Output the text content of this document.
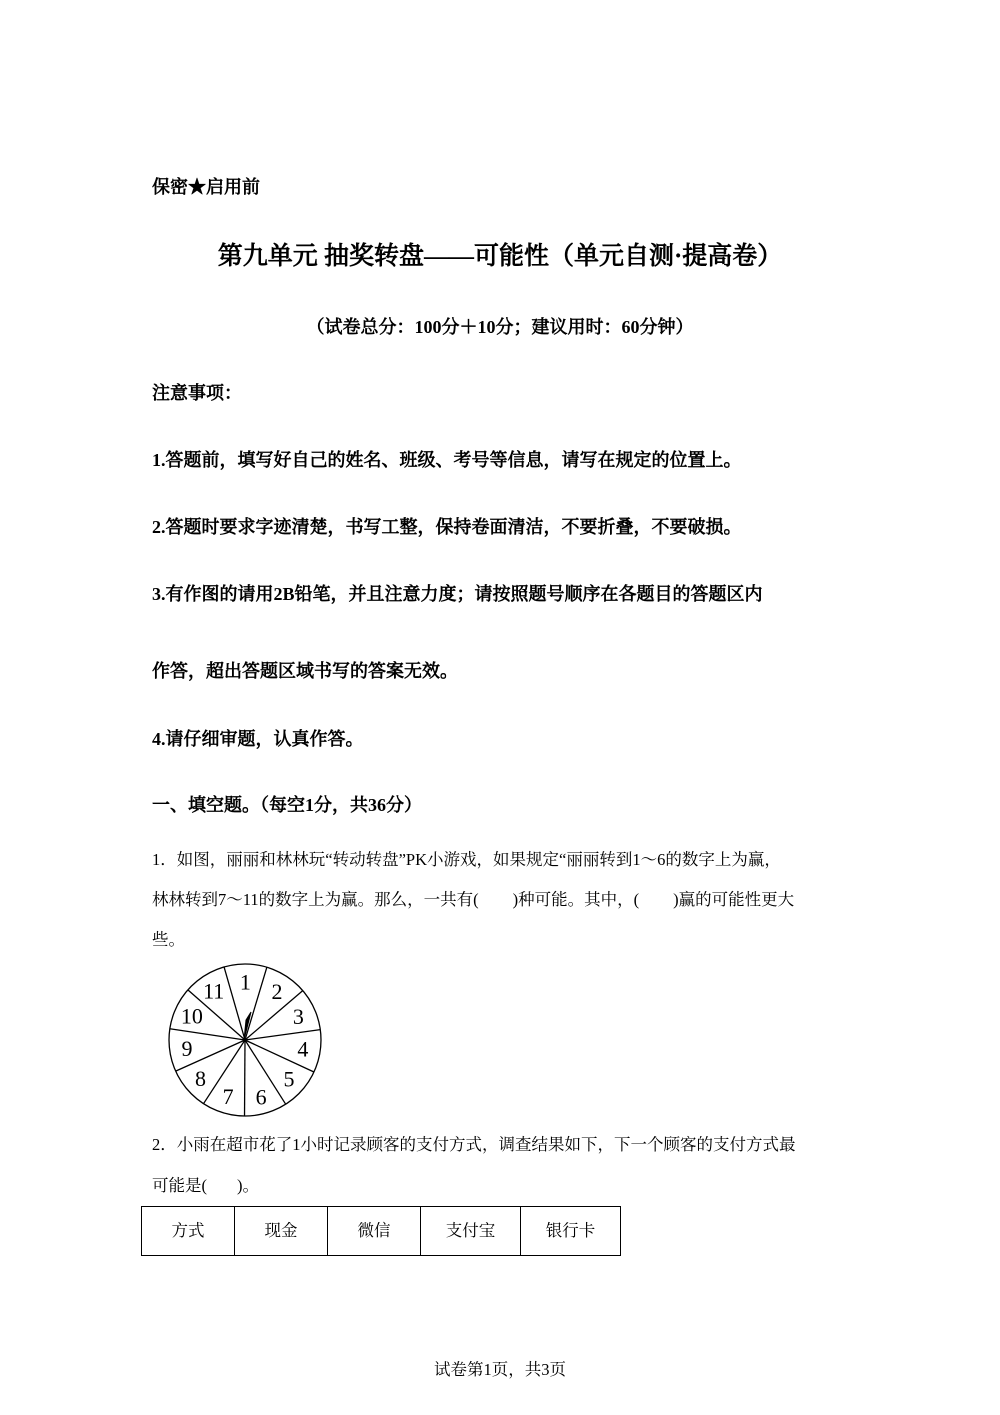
保密★启用前
第九单元 抽奖转盘——可能性（单元自测·提高卷）
（试卷总分：100分＋10分；建议用时：60分钟）
注意事项：
1.答题前，填写好自己的姓名、班级、考号等信息，请写在规定的位置上。
2.答题时要求字迹清楚，书写工整，保持卷面清洁，不要折叠，不要破损。
3.有作图的请用2B铅笔，并且注意力度；请按照题号顺序在各题目的答题区内
作答，超出答题区域书写的答案无效。
4.请仔细审题，认真作答。
一、填空题。（每空1分，共36分）
1．如图，丽丽和林林玩“转动转盘”PK小游戏，如果规定“丽丽转到1～6的数字上为赢，
林林转到7～11的数字上为赢。那么，一共有( )种可能。其中，( )赢的可能性更大
些。
1 2
3
4
5
6
7
8
9
10
11
2．小雨在超市花了1小时记录顾客的支付方式，调查结果如下，下一个顾客的支付方式最
可能是( )。
方式	现金	微信	支付宝	银行卡
试卷第1页，共3页
